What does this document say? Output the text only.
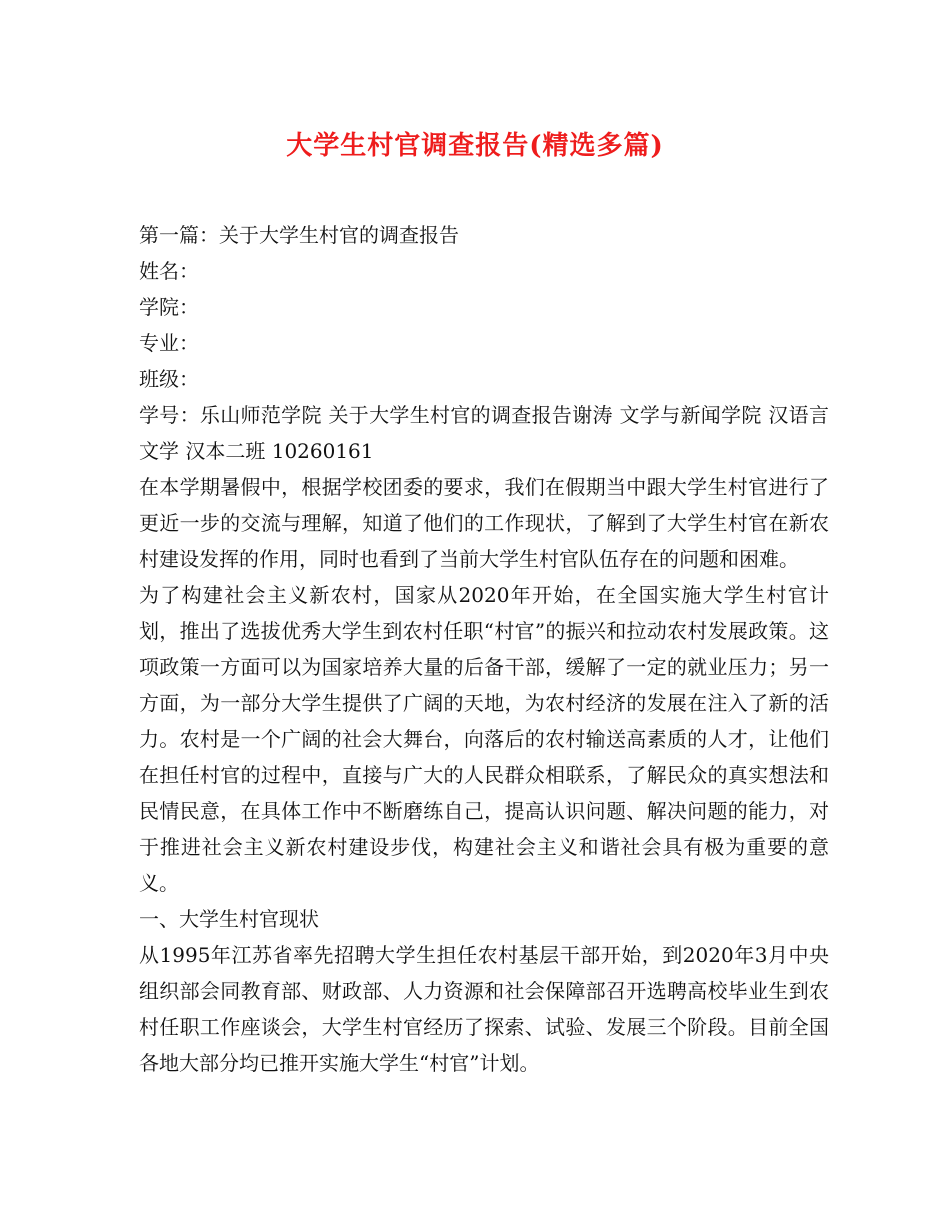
大学生村官调查报告(精选多篇)

第一篇：关于大学生村官的调查报告

姓名：

学院：

专业：

班级：

学号：乐山师范学院 关于大学生村官的调查报告谢涛 文学与新闻学院 汉语言文学 汉本二班 10260161

在本学期暑假中，根据学校团委的要求，我们在假期当中跟大学生村官进行了更近一步的交流与理解，知道了他们的工作现状，了解到了大学生村官在新农村建设发挥的作用，同时也看到了当前大学生村官队伍存在的问题和困难。

为了构建社会主义新农村，国家从2020年开始，在全国实施大学生村官计划，推出了选拔优秀大学生到农村任职“村官”的振兴和拉动农村发展政策。这项政策一方面可以为国家培养大量的后备干部，缓解了一定的就业压力；另一方面，为一部分大学生提供了广阔的天地，为农村经济的发展在注入了新的活力。农村是一个广阔的社会大舞台，向落后的农村输送高素质的人才，让他们在担任村官的过程中，直接与广大的人民群众相联系，了解民众的真实想法和民情民意，在具体工作中不断磨练自己，提高认识问题、解决问题的能力，对于推进社会主义新农村建设步伐，构建社会主义和谐社会具有极为重要的意义。

一、大学生村官现状

从1995年江苏省率先招聘大学生担任农村基层干部开始，到2020年3月中央组织部会同教育部、财政部、人力资源和社会保障部召开选聘高校毕业生到农村任职工作座谈会，大学生村官经历了探索、试验、发展三个阶段。目前全国各地大部分均已推开实施大学生“村官”计划。
